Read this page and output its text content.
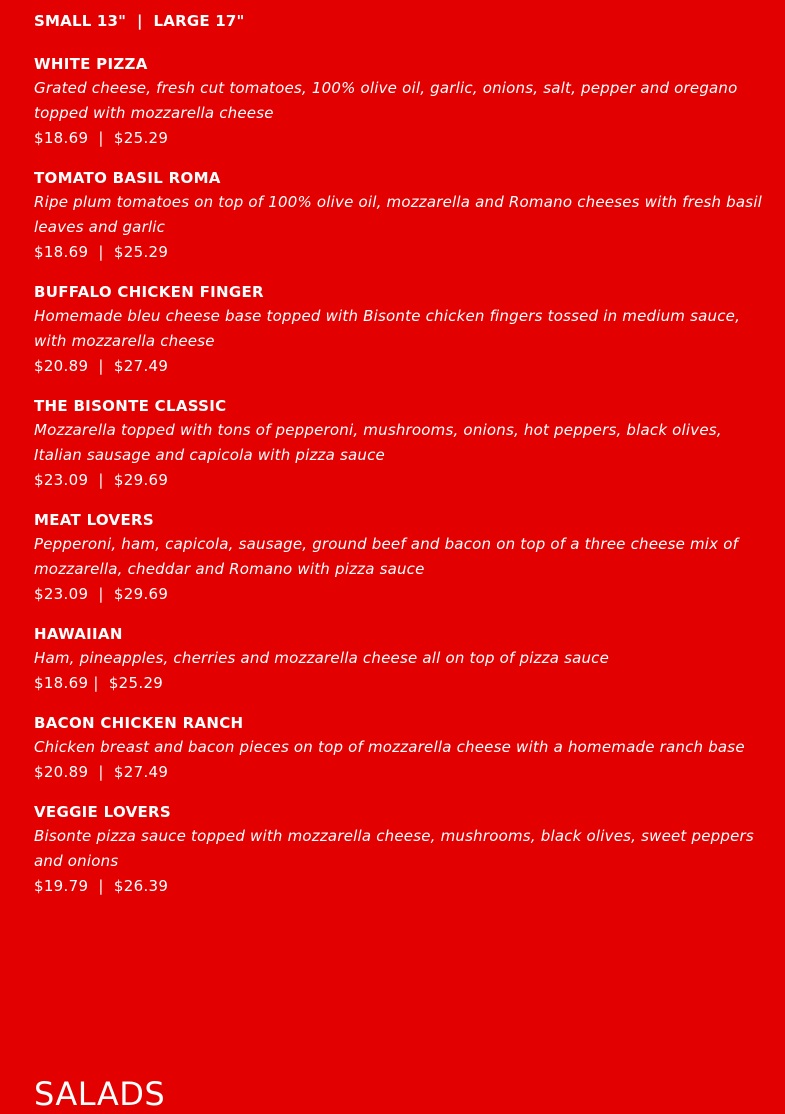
SMALL 13"  |  LARGE 17"
WHITE PIZZA
Grated cheese, fresh cut tomatoes, 100% olive oil, garlic, onions, salt, pepper and oregano topped with mozzarella cheese
$18.69  |  $25.29
TOMATO BASIL ROMA
Ripe plum tomatoes on top of 100% olive oil, mozzarella and Romano cheeses with fresh basil leaves and garlic
$18.69  |  $25.29
BUFFALO CHICKEN FINGER
Homemade bleu cheese base topped with Bisonte chicken fingers tossed in medium sauce, with mozzarella cheese
$20.89  |  $27.49
THE BISONTE CLASSIC
Mozzarella topped with tons of pepperoni, mushrooms, onions, hot peppers, black olives, Italian sausage and capicola with pizza sauce
$23.09  |  $29.69
MEAT LOVERS
Pepperoni, ham, capicola, sausage, ground beef and bacon on top of a three cheese mix of mozzarella, cheddar and Romano with pizza sauce
$23.09  |  $29.69
HAWAIIAN
Ham, pineapples, cherries and mozzarella cheese all on top of pizza sauce
$18.69 |  $25.29
BACON CHICKEN RANCH
Chicken breast and bacon pieces on top of mozzarella cheese with a homemade ranch base
$20.89  |  $27.49
VEGGIE LOVERS
Bisonte pizza sauce topped with mozzarella cheese, mushrooms, black olives, sweet peppers and onions
$19.79  |  $26.39
SALADS
